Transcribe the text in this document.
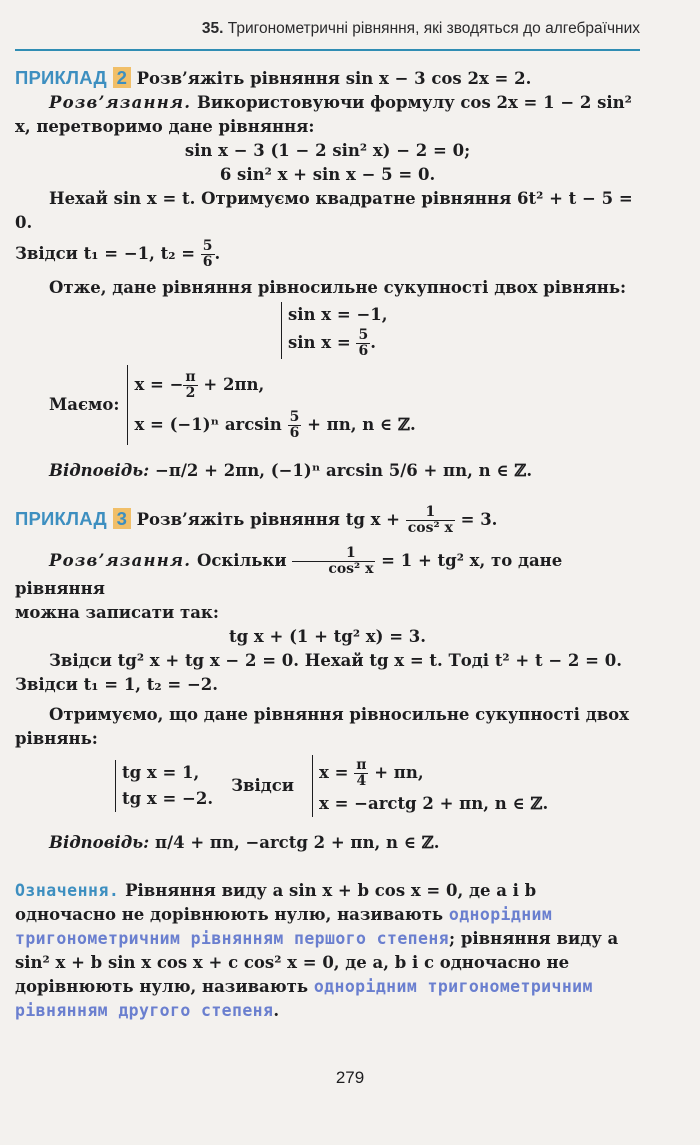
35. Тригонометричні рівняння, які зводяться до алгебраїчних

ПРИКЛАД 2 Розв’яжіть рівняння sin x − 3 cos 2x = 2.

Розв’язання. Використовуючи формулу cos 2x = 1 − 2 sin² x, перетворимо дане рівняння:

sin x − 3 (1 − 2 sin² x) − 2 = 0;

6 sin² x + sin x − 5 = 0.

Нехай sin x = t. Отримуємо квадратне рівняння 6t² + t − 5 = 0.

Звідси t₁ = −1, $t_2 = \frac{5}{6}$ .

Отже, дане рівняння рівносильне сукупності двох рівнянь:

sin x = −1,
$\sin x = \frac{5}{6}$ .
Маємо:
x = − $\frac{\pi}{2} + 2\pi n$,
x = (−1)ⁿ $\arcsin \frac{5}{6} + \pi n$, n ∈ ℤ.

Відповідь: −π/2 + 2πn, (−1)ⁿ arcsin 5/6 + πn, n ∈ ℤ.

ПРИКЛАД 3 Розв’яжіть рівняння tg $x + \frac{1}{\text{cos² x}} = 3$.

Розв’язання. Оскільки $\frac{1}{\text{cos² x}} = 1 + tg^2$ x, то дане рівняння

можна записати так:

tg x + (1 + tg² x) = 3.

Звідси tg² x + tg x − 2 = 0. Нехай tg x = t. Тоді t² + t − 2 = 0.

Звідси t₁ = 1, t₂ = −2.

Отримуємо, що дане рівняння рівносильне сукупності двох рівнянь:

tg x = 1,
tg x = −2.
Звідси
$x = \frac{\pi}{4} + \pi n$,
x = −arctg 2 + πn, n ∈ ℤ.

Відповідь: π/4 + πn, −arctg 2 + πn, n ∈ ℤ.

Означення. Рівняння виду a sin x + b cos x = 0, де a і b одночасно не дорівнюють нулю, називають однорідним тригонометричним рівнянням першого степеня; рівняння виду a sin² x + b sin x cos x + c cos² x = 0, де a, b і c одночасно не дорівнюють нулю, називають однорідним тригонометричним рівнянням другого степеня.

279
